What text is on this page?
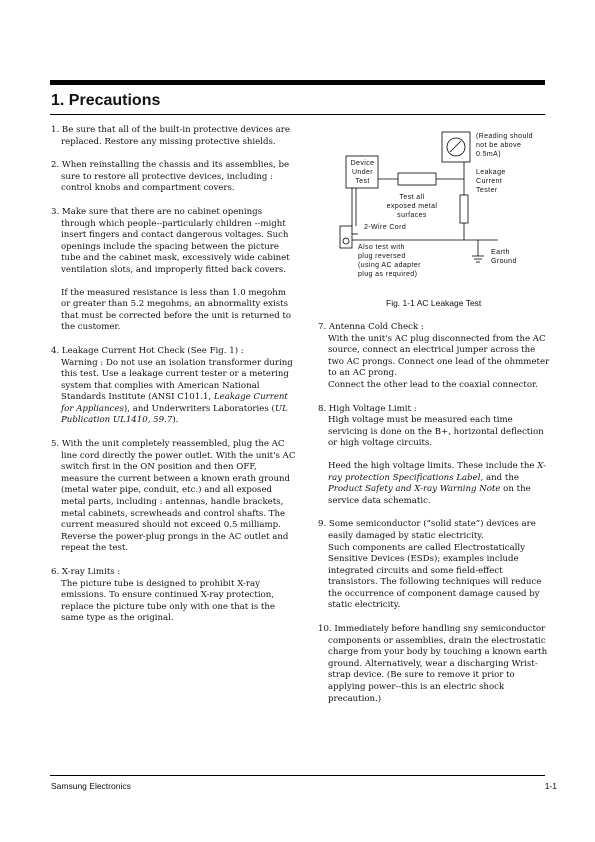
1. Precautions
1. Be sure that all of the built-in protective devices are
replaced. Restore any missing protective shields.
2. When reinstalling the chassis and its assemblies, be
sure to restore all protective devices, including : control knobs and compartment covers.
3. Make sure that there are no cabinet openings
through which people--particularly children --might insert fingers and contact dangerous voltages. Such openings include the spacing between the picture tube and the cabinet mask, excessively wide cabinet ventilation slots, and improperly fitted back covers.
If the measured resistance is less than 1.0 megohm or greater than 5.2 megohms, an abnormality exists that must be corrected before the unit is returned to the customer.
4. Leakage Current Hot Check (See Fig. 1) :
Warning : Do not use an isolation transformer during this test. Use a leakage current tester or a metering system that complies with American National Standards Institute (ANSI C101.1, Leakage Current for Appliances), and Underwriters Laboratories (UL Publication UL1410, 59.7).
5. With the unit completely reassembled, plug the AC
line cord directly the power outlet. With the unit's AC switch first in the ON position and then OFF, measure the current between a known erath ground (metal water pipe, conduit, etc.) and all exposed metal parts, including : antennas, handle brackets, metal cabinets, screwheads and control shafts. The current measured should not exceed 0.5 milliamp. Reverse the power-plug prongs in the AC outlet and repeat the test.
6. X-ray Limits :
The picture tube is designed to prohibit X-ray emissions. To ensure continued X-ray protection, replace the picture tube only with one that is the same type as the original.
(Reading should
not be above
0.5mA)
Device
Under
Test
Leakage
Current
Tester
Test all
exposed metal
surfaces
2-Wire Cord
Also test with
plug reversed
(using AC adapter
plug as required)
Earth
Ground
Fig. 1-1 AC Leakage Test
7. Antenna Cold Check :
With the unit's AC plug disconnected from the AC source, connect an electrical jumper across the two AC prongs. Connect one lead of the ohmmeter to an AC prong.
Connect the other lead to the coaxial connector.
8. High Voltage Limit :
High voltage must be measured each time servicing is done on the B+, horizontal deflection or high voltage circuits.
Heed the high voltage limits. These include the X-ray protection Specifications Label, and the Product Safety and X-ray Warning Note on the service data schematic.
9. Some semiconductor (“solid state”) devices are
easily damaged by static electricity.
Such components are called Electrostatically Sensitive Devices (ESDs); examples include integrated circuits and some field-effect transistors. The following techniques will reduce the occurrence of component damage caused by static electricity.
10. Immediately before handling sny semiconductor
components or assemblies, drain the electrostatic charge from your body by touching a known earth ground. Alternatively, wear a discharging Wrist-strap device. (Be sure to remove it prior to applying power--this is an electric shock precaution.)
Samsung Electronics	1-1
